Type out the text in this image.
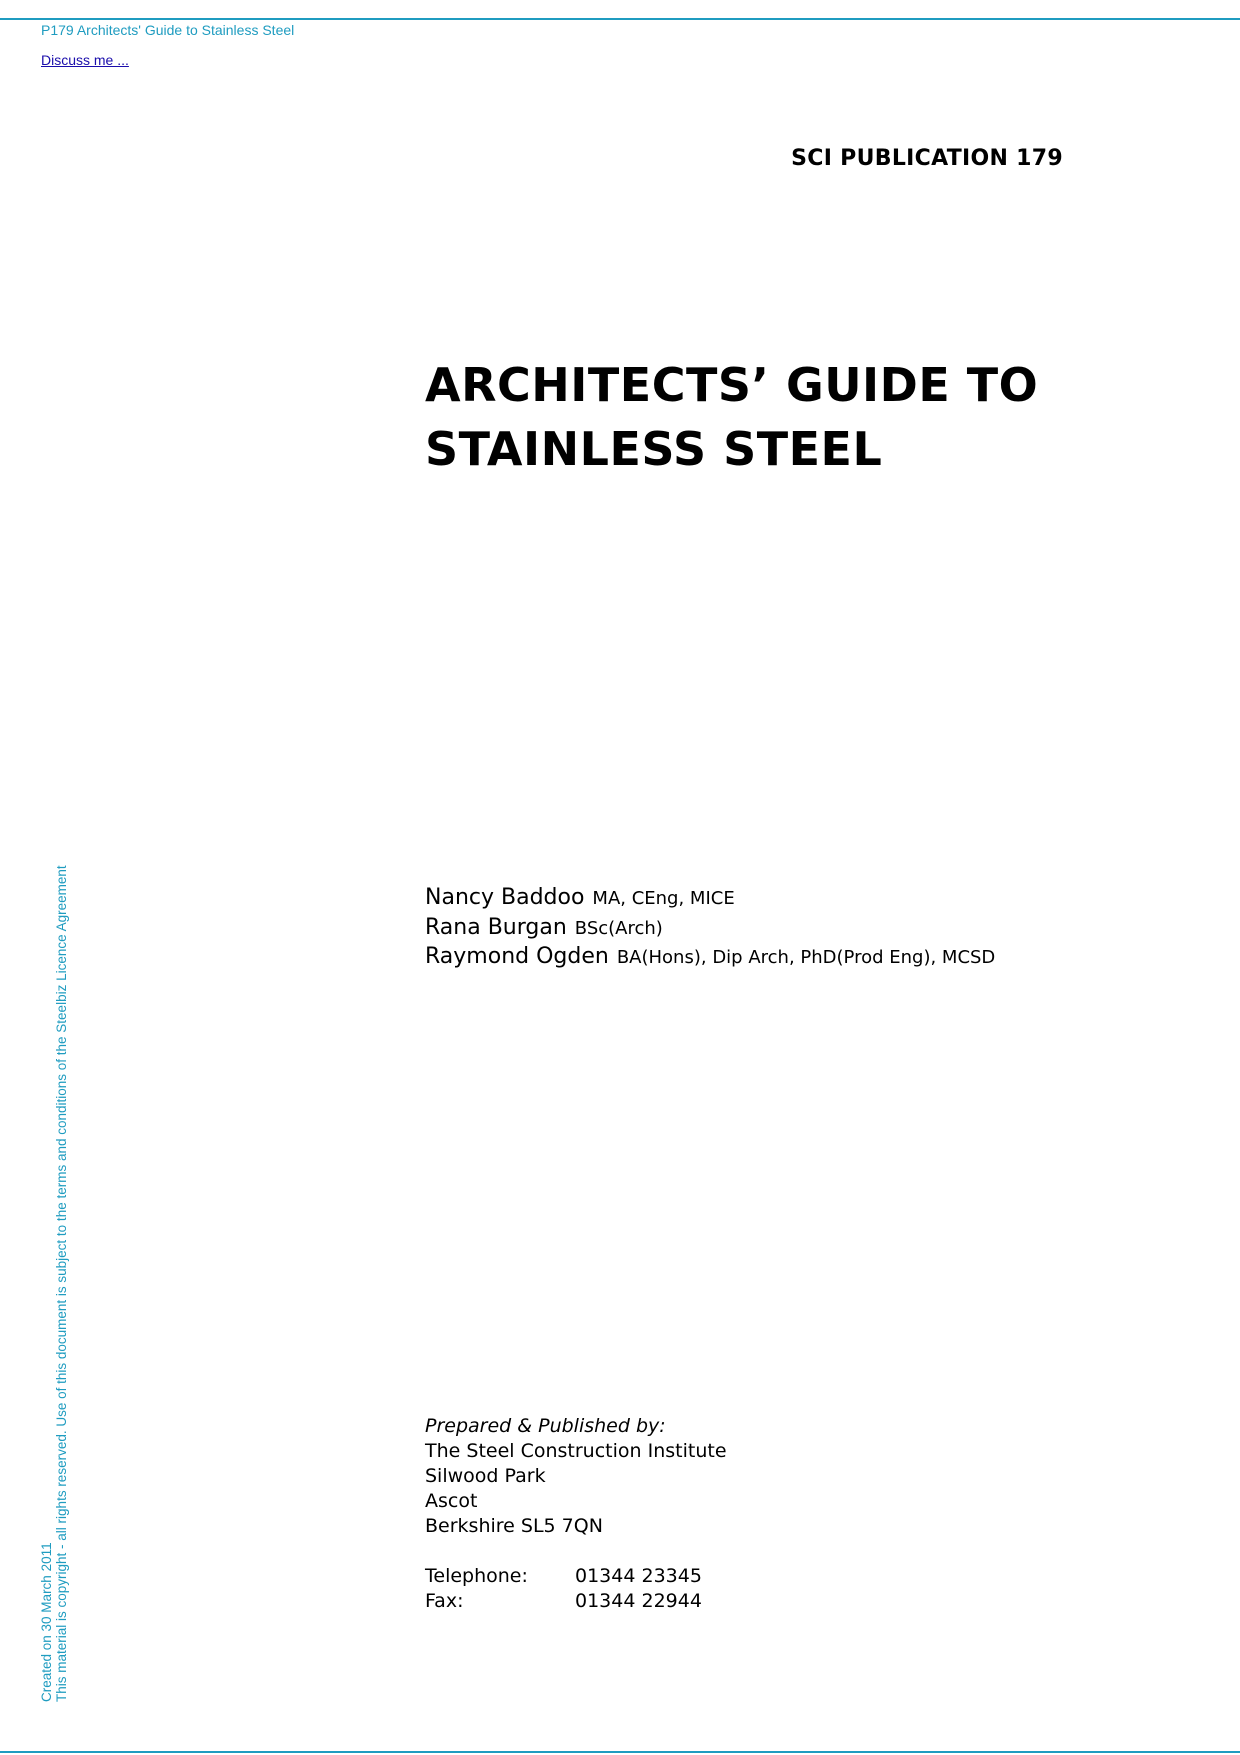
P179 Architects' Guide to Stainless Steel
Discuss me ...
Created on 30 March 2011 This material is copyright - all rights reserved. Use of this document is subject to the terms and conditions of the Steelbiz Licence Agreement
SCI PUBLICATION 179
ARCHITECTS’ GUIDE TO
STAINLESS STEEL
Nancy Baddoo MA, CEng, MICE
Rana Burgan BSc(Arch)
Raymond Ogden BA(Hons), Dip Arch, PhD(Prod Eng), MCSD
Prepared & Published by:
The Steel Construction Institute
Silwood Park
Ascot
Berkshire SL5 7QN
Telephone: 01344 23345
Fax:	01344 22944
